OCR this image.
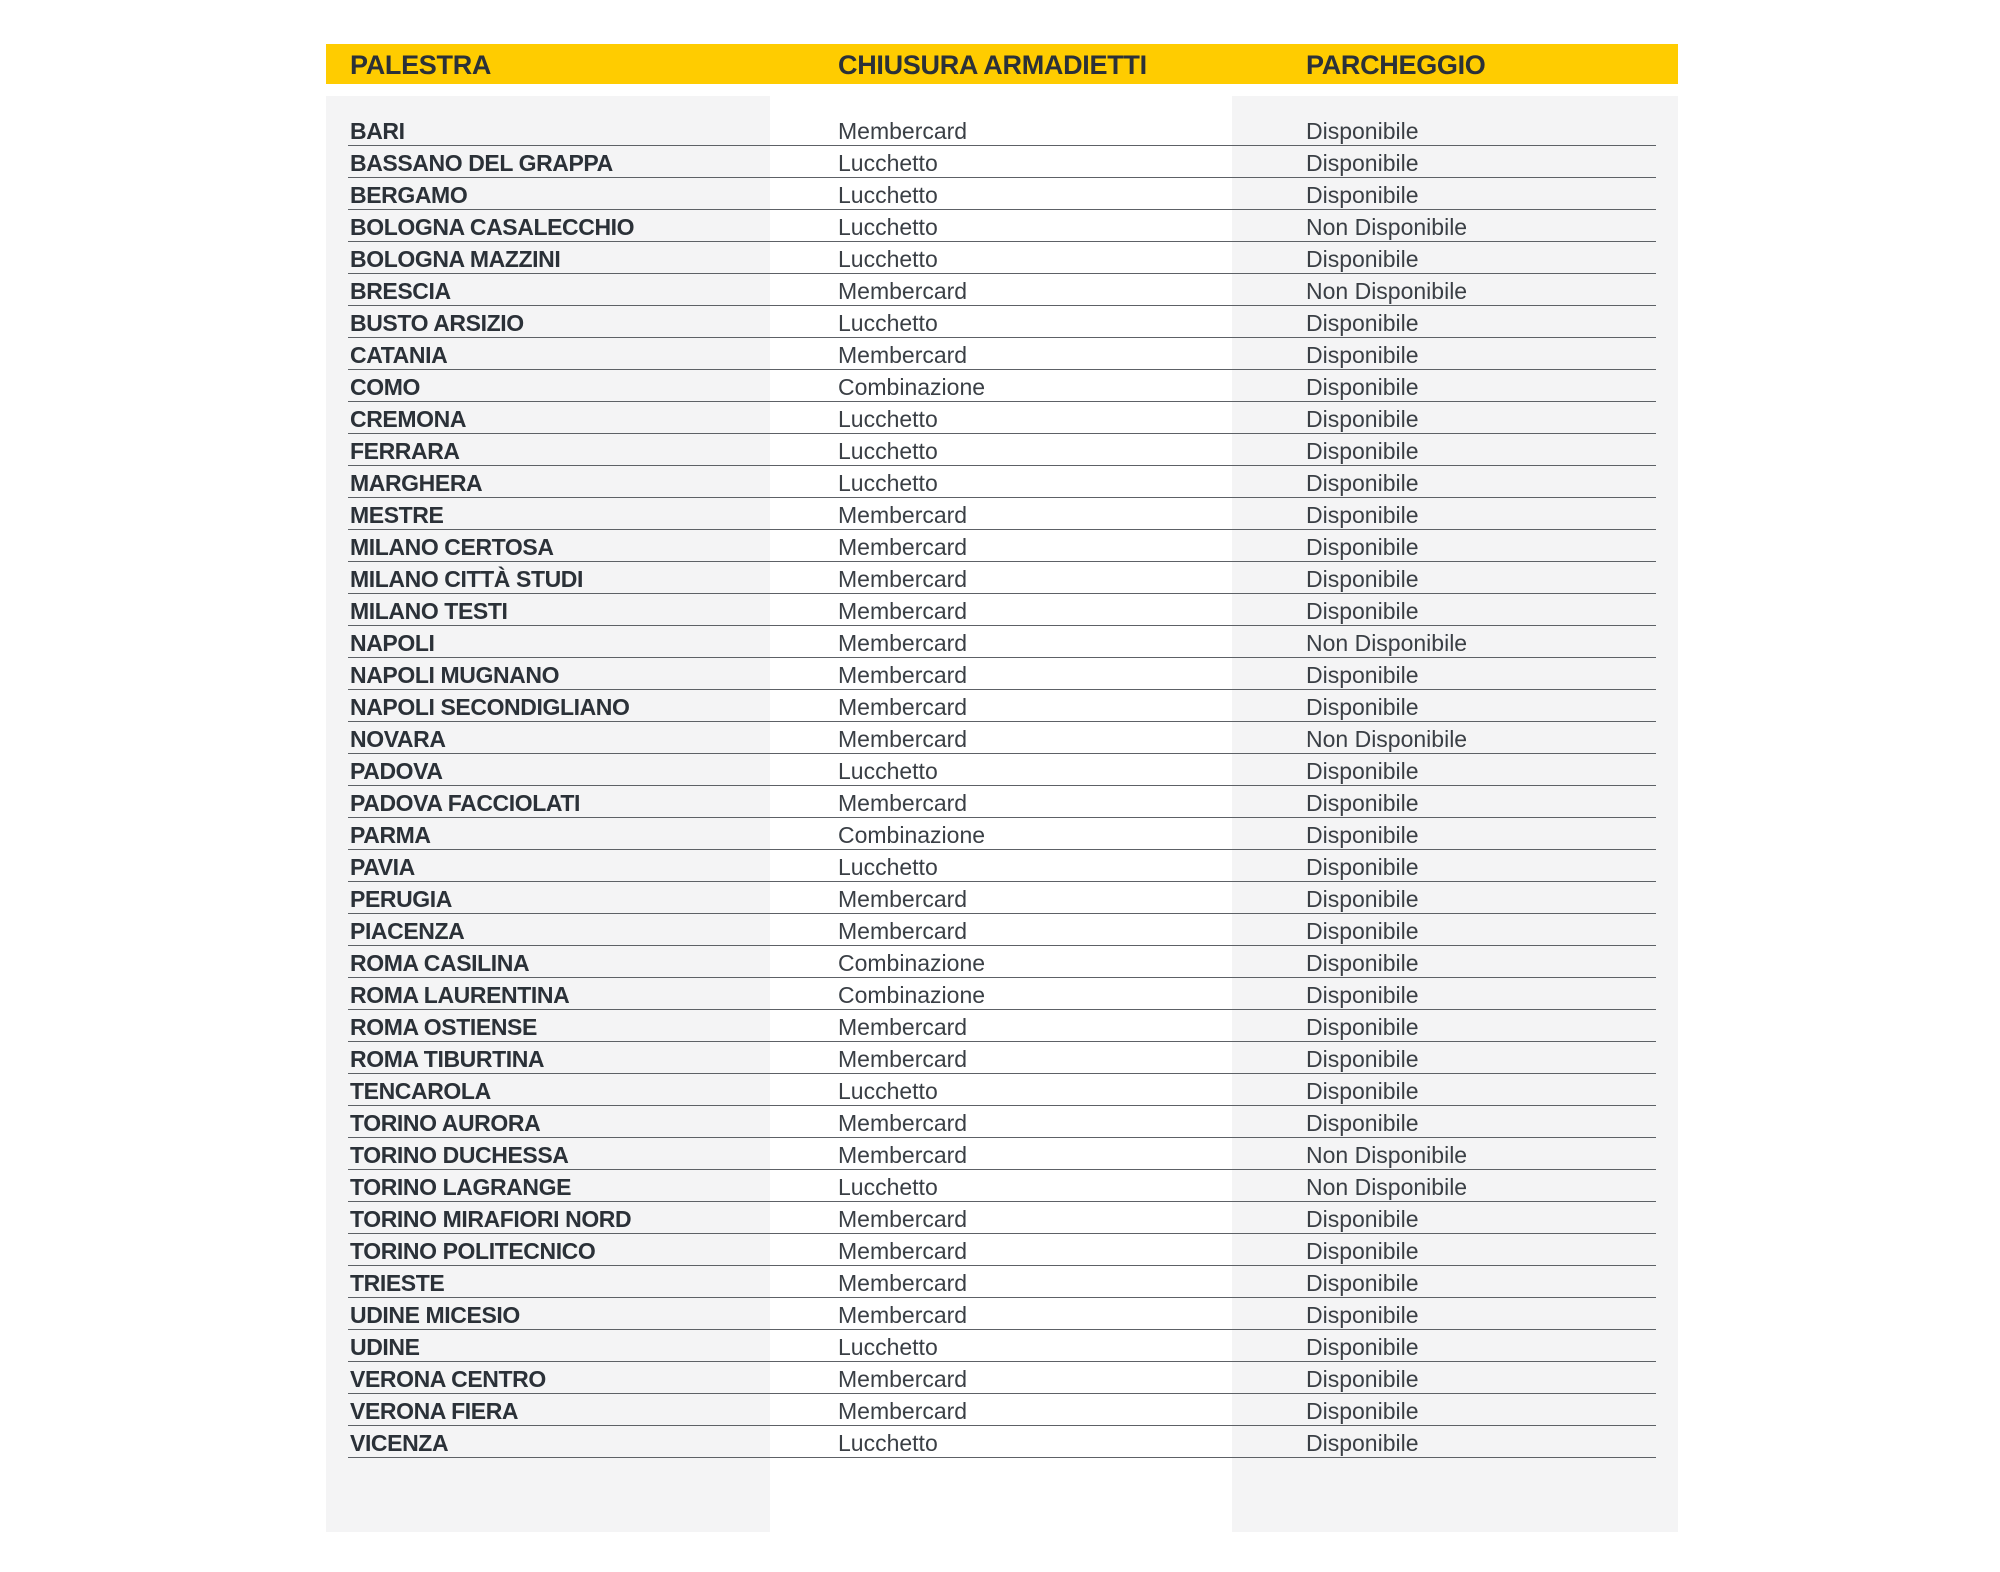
PALESTRA	CHIUSURA ARMADIETTI	PARCHEGGIO
BARI	Membercard	Disponibile
BASSANO DEL GRAPPA	Lucchetto	Disponibile
BERGAMO	Lucchetto	Disponibile
BOLOGNA CASALECCHIO	Lucchetto	Non Disponibile
BOLOGNA MAZZINI	Lucchetto	Disponibile
BRESCIA	Membercard	Non Disponibile
BUSTO ARSIZIO	Lucchetto	Disponibile
CATANIA	Membercard	Disponibile
COMO	Combinazione	Disponibile
CREMONA	Lucchetto	Disponibile
FERRARA	Lucchetto	Disponibile
MARGHERA	Lucchetto	Disponibile
MESTRE	Membercard	Disponibile
MILANO CERTOSA	Membercard	Disponibile
MILANO CITTÀ STUDI	Membercard	Disponibile
MILANO TESTI	Membercard	Disponibile
NAPOLI	Membercard	Non Disponibile
NAPOLI MUGNANO	Membercard	Disponibile
NAPOLI SECONDIGLIANO	Membercard	Disponibile
NOVARA	Membercard	Non Disponibile
PADOVA	Lucchetto	Disponibile
PADOVA FACCIOLATI	Membercard	Disponibile
PARMA	Combinazione	Disponibile
PAVIA	Lucchetto	Disponibile
PERUGIA	Membercard	Disponibile
PIACENZA	Membercard	Disponibile
ROMA CASILINA	Combinazione	Disponibile
ROMA LAURENTINA	Combinazione	Disponibile
ROMA OSTIENSE	Membercard	Disponibile
ROMA TIBURTINA	Membercard	Disponibile
TENCAROLA	Lucchetto	Disponibile
TORINO AURORA	Membercard	Disponibile
TORINO DUCHESSA	Membercard	Non Disponibile
TORINO LAGRANGE	Lucchetto	Non Disponibile
TORINO MIRAFIORI NORD	Membercard	Disponibile
TORINO POLITECNICO	Membercard	Disponibile
TRIESTE	Membercard	Disponibile
UDINE MICESIO	Membercard	Disponibile
UDINE	Lucchetto	Disponibile
VERONA CENTRO	Membercard	Disponibile
VERONA FIERA	Membercard	Disponibile
VICENZA	Lucchetto	Disponibile
